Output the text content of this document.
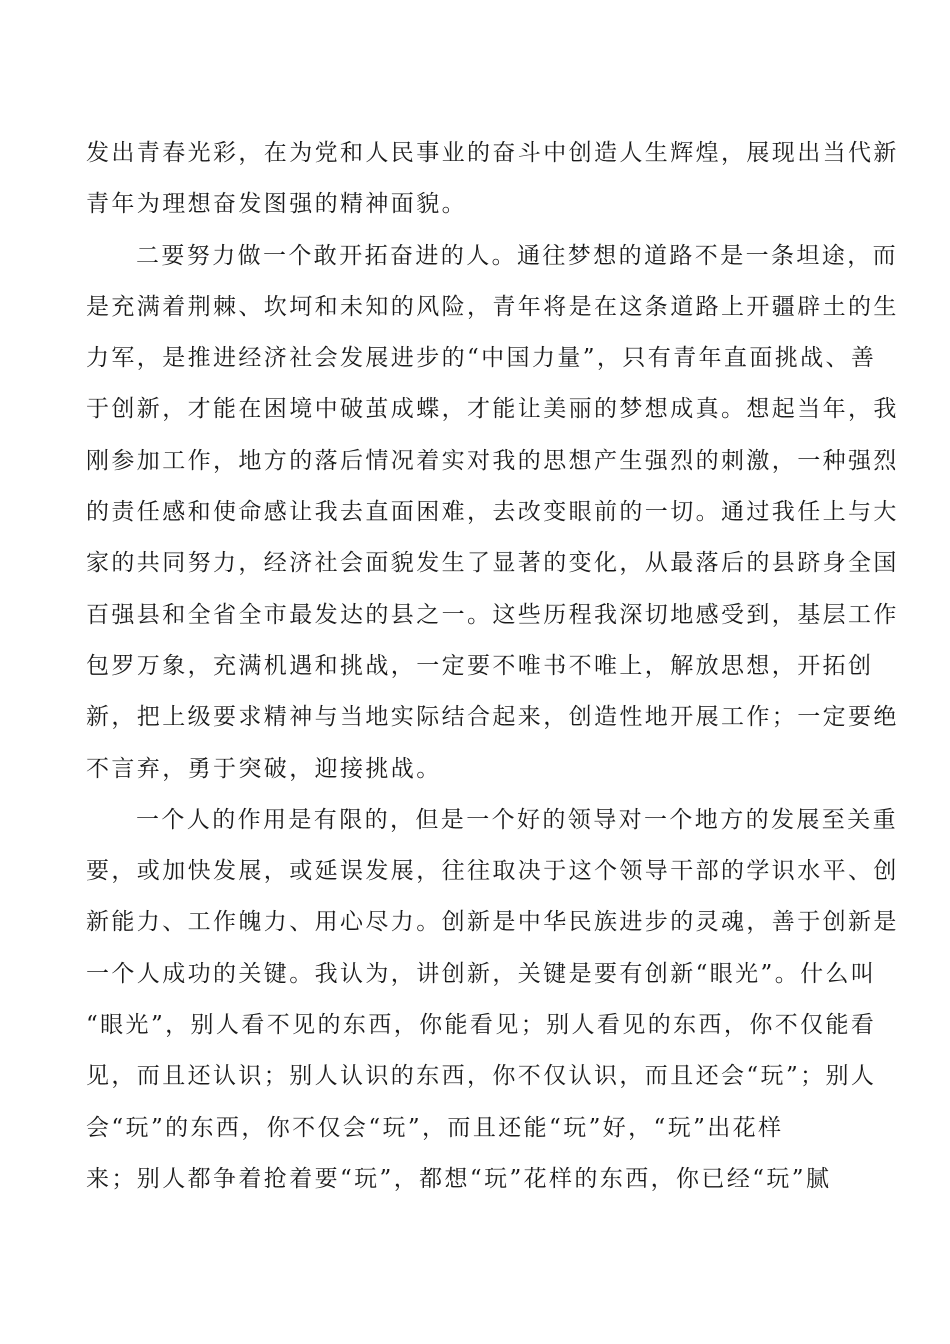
发出青春光彩，在为党和人民事业的奋斗中创造人生辉煌，展现出当代新
青年为理想奋发图强的精神面貌。
二要努力做一个敢开拓奋进的人。通往梦想的道路不是一条坦途，而
是充满着荆棘、坎坷和未知的风险，青年将是在这条道路上开疆辟土的生
力军，是推进经济社会发展进步的“中国力量”，只有青年直面挑战、善
于创新，才能在困境中破茧成蝶，才能让美丽的梦想成真。想起当年，我
刚参加工作，地方的落后情况着实对我的思想产生强烈的刺激，一种强烈
的责任感和使命感让我去直面困难，去改变眼前的一切。通过我任上与大
家的共同努力，经济社会面貌发生了显著的变化，从最落后的县跻身全国
百强县和全省全市最发达的县之一。这些历程我深切地感受到，基层工作
包罗万象，充满机遇和挑战，一定要不唯书不唯上，解放思想，开拓创
新，把上级要求精神与当地实际结合起来，创造性地开展工作；一定要绝
不言弃，勇于突破，迎接挑战。
一个人的作用是有限的，但是一个好的领导对一个地方的发展至关重
要，或加快发展，或延误发展，往往取决于这个领导干部的学识水平、创
新能力、工作魄力、用心尽力。创新是中华民族进步的灵魂，善于创新是
一个人成功的关键。我认为，讲创新，关键是要有创新“眼光”。什么叫
“眼光”，别人看不见的东西，你能看见；别人看见的东西，你不仅能看
见，而且还认识；别人认识的东西，你不仅认识，而且还会“玩”；别人
会“玩”的东西，你不仅会“玩”，而且还能“玩”好，“玩”出花样
来；别人都争着抢着要“玩”，都想“玩”花样的东西，你已经“玩”腻
